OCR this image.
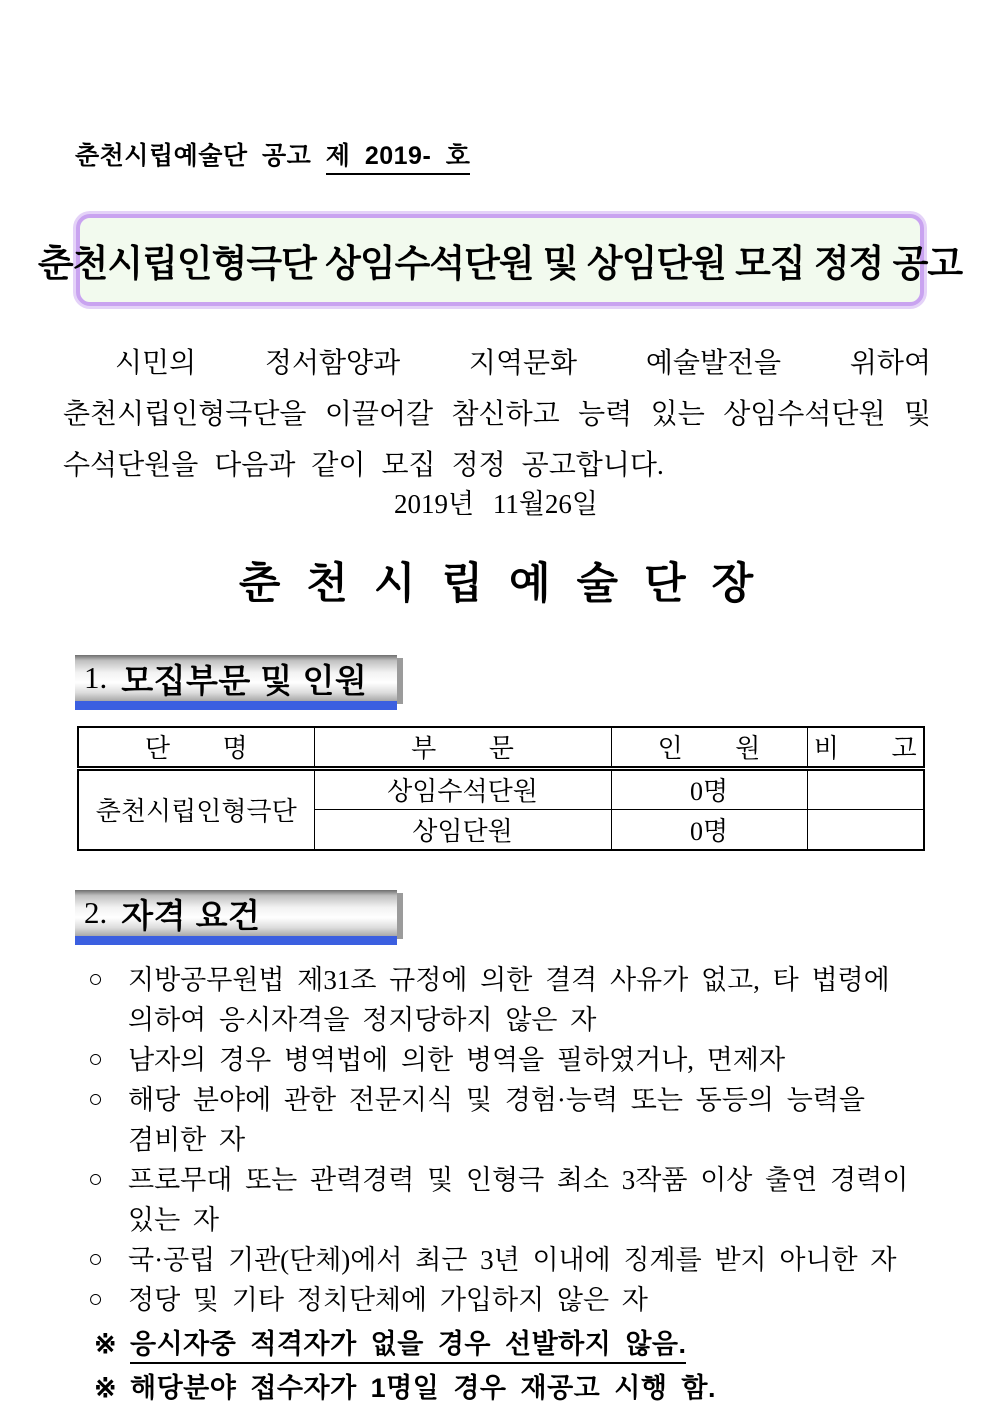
춘천시립예술단 공고 제 2019- 호
춘천시립인형극단 상임수석단원 및 상임단원 모집 정정 공고

시민의 정서함양과 지역문화 예술발전을 위하여 춘천시립인형극단을 이끌어갈 참신하고 능력 있는 상임수석단원 및 수석단원을 다음과 같이 모집 정정 공고합니다.

2019년 11월26일
춘천시립예술단장
1. 모집부문 및 인원
단 명	부 문	인 원	비 고
춘천시립인형극단	상임수석단원	0명	
	상임단원	0명	
2. 자격 요건
○ 지방공무원법 제31조 규정에 의한 결격 사유가 없고, 타 법령에 의하여 응시자격을 정지당하지 않은 자
○ 남자의 경우 병역법에 의한 병역을 필하였거나, 면제자
○ 해당 분야에 관한 전문지식 및 경험·능력 또는 동등의 능력을 겸비한 자
○ 프로무대 또는 관력경력 및 인형극 최소 3작품 이상 출연 경력이 있는 자
○ 국·공립 기관(단체)에서 최근 3년 이내에 징계를 받지 아니한 자
○ 정당 및 기타 정치단체에 가입하지 않은 자
※ 응시자중 적격자가 없을 경우 선발하지 않음.
※ 해당분야 접수자가 1명일 경우 재공고 시행 함.
